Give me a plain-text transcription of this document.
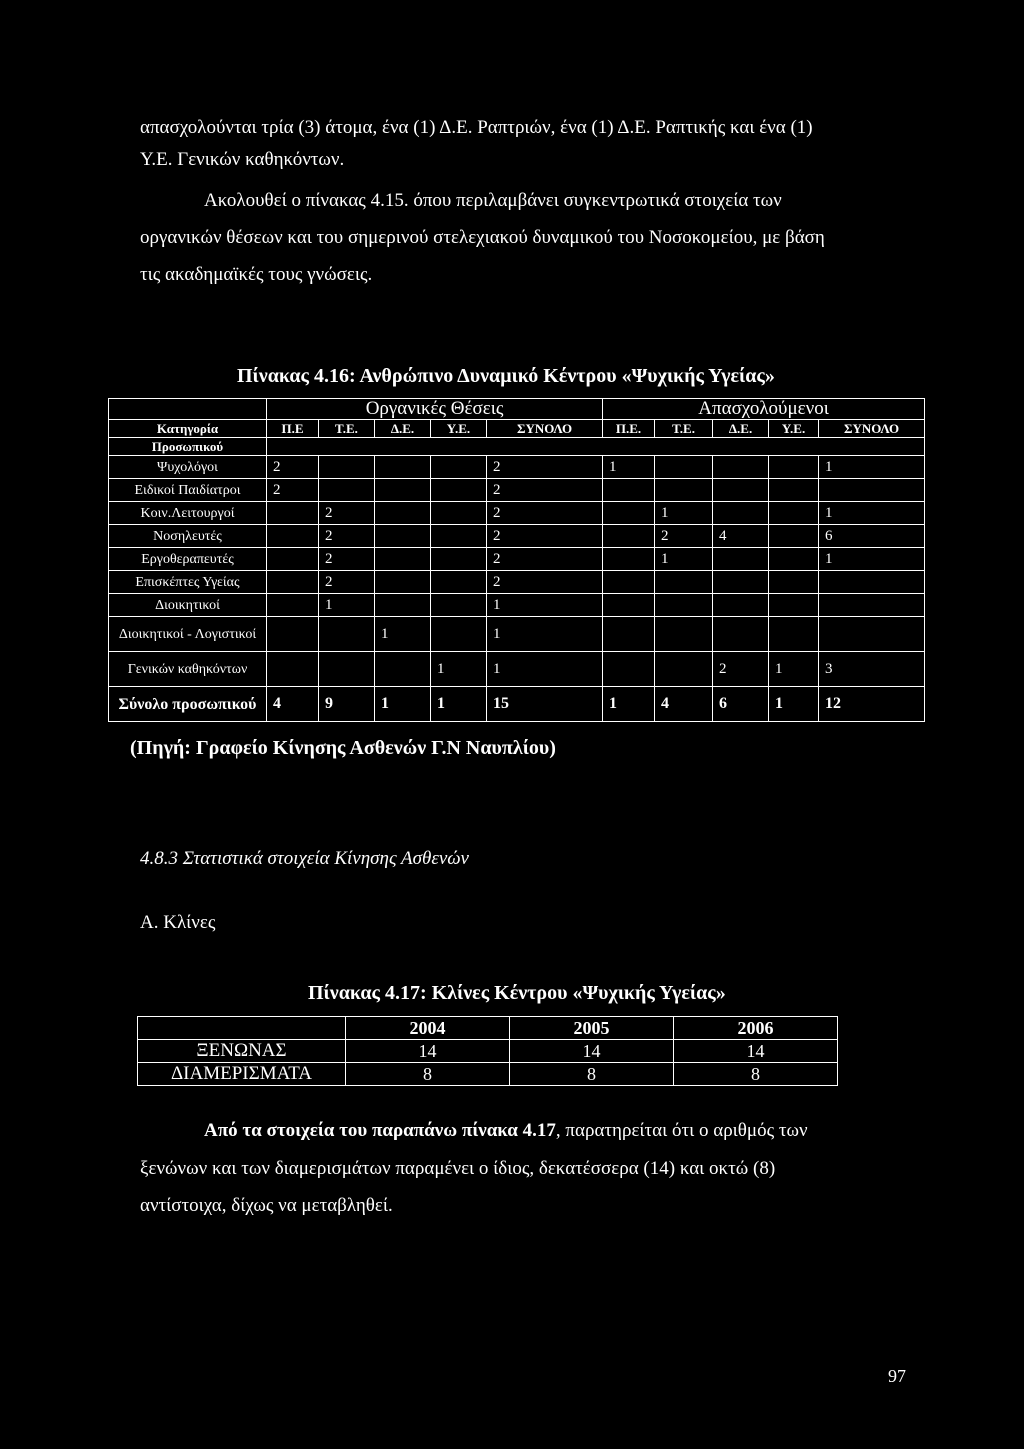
απασχολούνται τρία (3) άτομα, ένα (1) Δ.Ε. Ραπτριών, ένα (1) Δ.Ε. Ραπτικής και ένα (1)
Υ.Ε. Γενικών καθηκόντων.
Ακολουθεί ο πίνακας 4.15. όπου περιλαμβάνει συγκεντρωτικά στοιχεία των
οργανικών θέσεων και του σημερινού στελεχιακού δυναμικού του Νοσοκομείου, με βάση
τις ακαδημαϊκές τους γνώσεις.
Πίνακας 4.16: Ανθρώπινο Δυναμικό Κέντρου «Ψυχικής Υγείας»
	Οργανικές Θέσεις					Απασχολούμενοι				
Κατηγορία	Π.Ε	Τ.Ε.	Δ.Ε.	Υ.Ε.	ΣΥΝΟΛΟ	Π.Ε.	Τ.Ε.	Δ.Ε.	Υ.Ε.	ΣΥΝΟΛΟ
Προσωπικού										
Ψυχολόγοι	2				2	1				1
Ειδικοί Παιδίατροι	2				2					
Κοιν.Λειτουργοί		2			2		1			1
Νοσηλευτές		2			2		2	4		6
Εργοθεραπευτές		2			2		1			1
Επισκέπτες Υγείας		2			2					
Διοικητικοί		1			1					
Διοικητικοί - Λογιστικοί			1		1					
Γενικών καθηκόντων				1	1			2	1	3
Σύνολο προσωπικού	4	9	1	1	15	1	4	6	1	12
(Πηγή: Γραφείο Κίνησης Ασθενών Γ.Ν Ναυπλίου)
4.8.3 Στατιστικά στοιχεία Κίνησης Ασθενών
Α. Κλίνες
Πίνακας 4.17: Κλίνες Κέντρου «Ψυχικής Υγείας»
	2004	2005	2006
ΞΕΝΩΝΑΣ	14	14	14
ΔΙΑΜΕΡΙΣΜΑΤΑ	8	8	8
Από τα στοιχεία του παραπάνω πίνακα 4.17, παρατηρείται ότι ο αριθμός των
ξενώνων και των διαμερισμάτων παραμένει ο ίδιος, δεκατέσσερα (14) και οκτώ (8)
αντίστοιχα, δίχως να μεταβληθεί.
97
